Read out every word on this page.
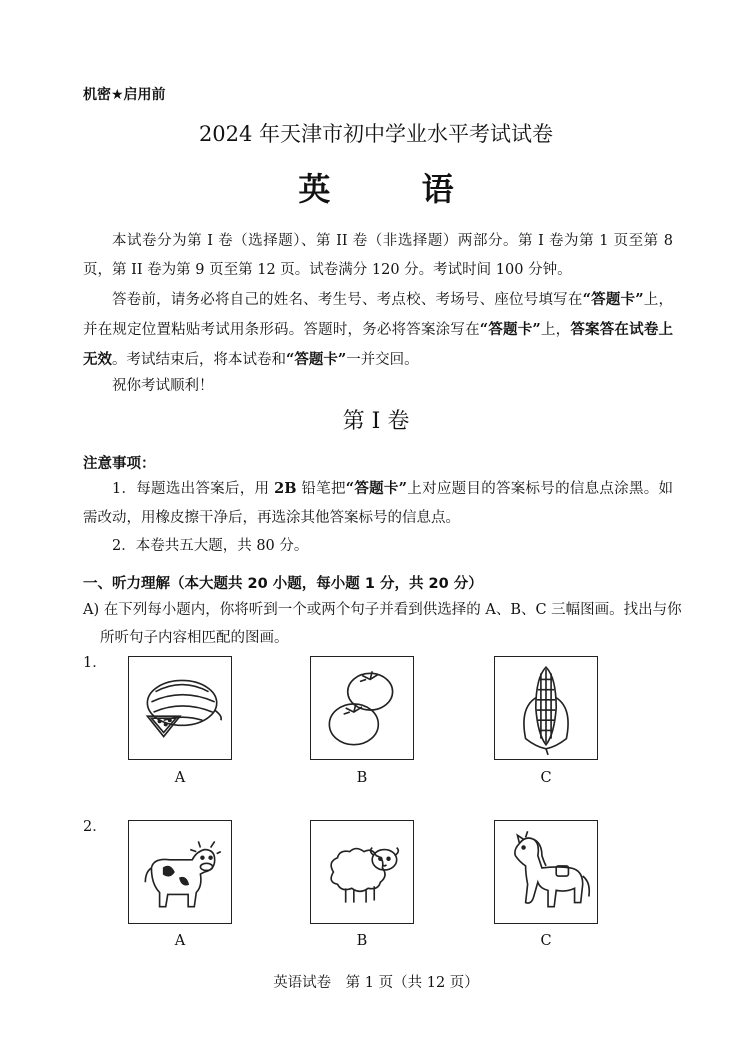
机密★启用前
2024 年天津市初中学业水平考试试卷
英 语
本试卷分为第 I 卷（选择题）、第 II 卷（非选择题）两部分。第 I 卷为第 1 页至第 8 页，第 II 卷为第 9 页至第 12 页。试卷满分 120 分。考试时间 100 分钟。
答卷前，请务必将自己的姓名、考生号、考点校、考场号、座位号填写在“答题卡”上，并在规定位置粘贴考试用条形码。答题时，务必将答案涂写在“答题卡”上，答案答在试卷上无效。考试结束后，将本试卷和“答题卡”一并交回。
祝你考试顺利！
第 I 卷
注意事项：
1．每题选出答案后，用 2B 铅笔把“答题卡”上对应题目的答案标号的信息点涂黑。如需改动，用橡皮擦干净后，再选涂其他答案标号的信息点。
2．本卷共五大题，共 80 分。
一、听力理解（本大题共 20 小题，每小题 1 分，共 20 分）
A) 在下列每小题内，你将听到一个或两个句子并看到供选择的 A、B、C 三幅图画。找出与你所听句子内容相匹配的图画。
1．
A	B	C
2．
A	B	C
英语试卷　第 1 页（共 12 页）
